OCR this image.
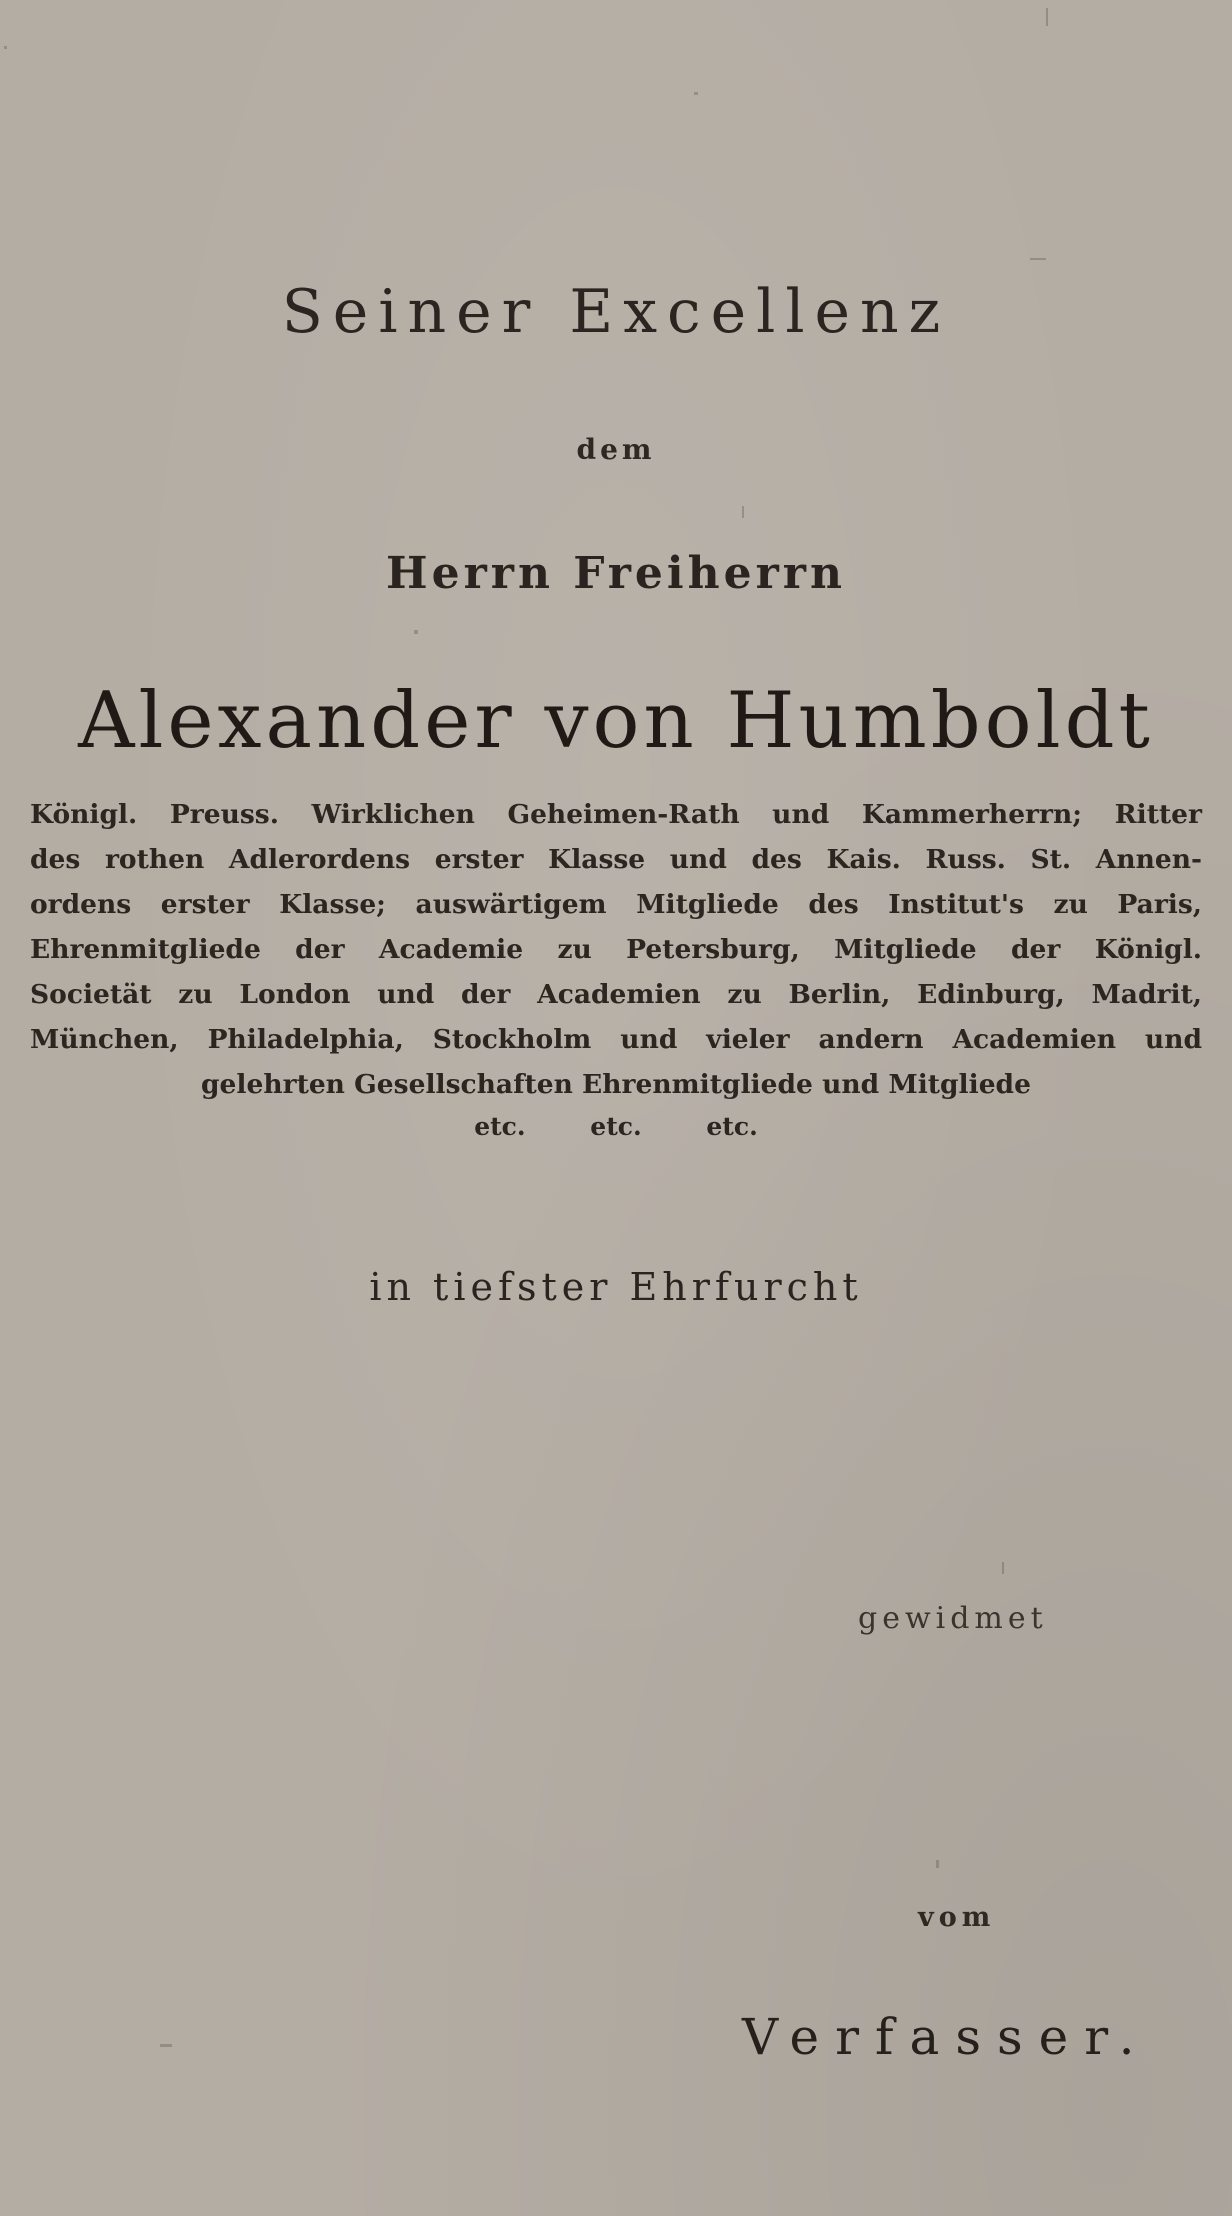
Seiner Excellenz
dem
Herrn Freiherrn
Alexander von Humboldt
Königl. Preuss. Wirklichen Geheimen-Rath und Kammerherrn; Ritter
des rothen Adlerordens erster Klasse und des Kais. Russ. St. Annen-
ordens erster Klasse; auswärtigem Mitgliede des Institut's zu Paris,
Ehrenmitgliede der Academie zu Petersburg, Mitgliede der Königl.
Societät zu London und der Academien zu Berlin, Edinburg, Madrit,
München, Philadelphia, Stockholm und vieler andern Academien und
gelehrten Gesellschaften Ehrenmitgliede und Mitgliede
etc.	etc.	etc.
in tiefster Ehrfurcht
gewidmet
vom
Verfasser.
